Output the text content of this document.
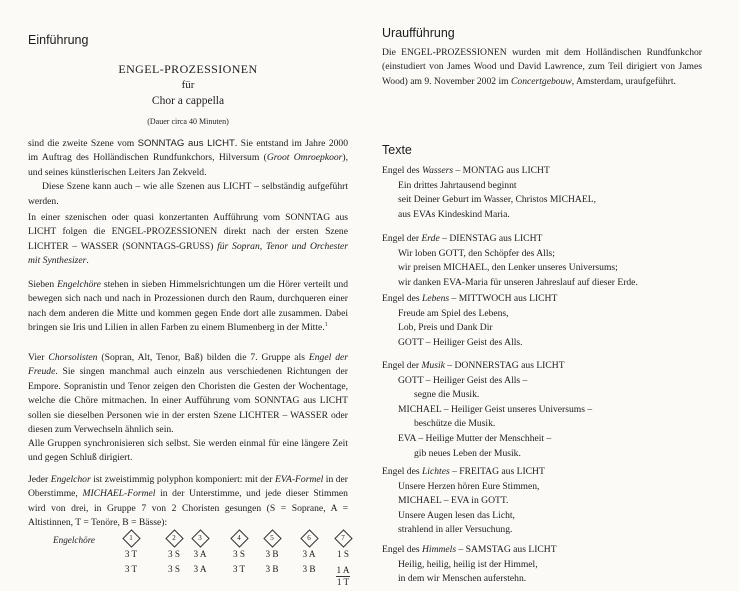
Einführung
ENGEL-PROZESSIONEN
für
Chor a cappella
(Dauer circa 40 Minuten)

sind die zweite Szene vom SONNTAG aus LICHT. Sie entstand im Jahre 2000 im Auftrag des Holländischen Rundfunkchors, Hilversum (Groot Omroepkoor), und seines künstlerischen Leiters Jan Zekveld.

Diese Szene kann auch – wie alle Szenen aus LICHT – selbständig aufgeführt werden.

In einer szenischen oder quasi konzertanten Aufführung vom SONNTAG aus LICHT folgen die ENGEL-PROZESSIONEN direkt nach der ersten Szene LICHTER – WASSER (SONNTAGS-GRUSS) für Sopran, Tenor und Orchester mit Synthesizer.

Sieben Engelchöre stehen in sieben Himmelsrichtungen um die Hörer verteilt und bewegen sich nach und nach in Prozessionen durch den Raum, durchqueren einer nach dem anderen die Mitte und kommen gegen Ende dort alle zusammen. Dabei bringen sie Iris und Lilien in allen Farben zu einem Blumenberg in der Mitte.$^1$

Vier Chorsolisten (Sopran, Alt, Tenor, Baß) bilden die 7. Gruppe als Engel der Freude. Sie singen manchmal auch einzeln aus verschiedenen Richtungen der Empore. Sopranistin und Tenor zeigen den Choristen die Gesten der Wochentage, welche die Chöre mitmachen. In einer Aufführung vom SONNTAG aus LICHT sollen sie dieselben Personen wie in der ersten Szene LICHTER – WASSER oder diesen zum Verwechseln ähnlich sein.

Alle Gruppen synchronisieren sich selbst. Sie werden einmal für eine längere Zeit und gegen Schluß dirigiert.

Jeder Engelchor ist zweistimmig polyphon komponiert: mit der EVA-Formel in der Oberstimme, MICHAEL-Formel in der Unterstimme, und jede dieser Stimmen wird von drei, in Gruppe 7 von 2 Choristen gesungen (S = Soprane, A = Altistinnen, T = Tenöre, B = Bässe):

Engelchöre	1
3 T
3 T
2
3 S
3 S
3
3 A
3 A
4
3 S
3 T
5
3 B
3 B
6
3 A
3 B
7
1 S
1 A
1 T
Uraufführung
Die ENGEL-PROZESSIONEN wurden mit dem Holländischen Rundfunkchor (einstudiert von James Wood und David Lawrence, zum Teil dirigiert von James Wood) am 9. November 2002 im Concertgebouw, Amsterdam, uraufgeführt.
Texte

Engel des Wassers – MONTAG aus LICHT

Ein drittes Jahrtausend beginnt

seit Deiner Geburt im Wasser, Christos MICHAEL,

aus EVAs Kindeskind Maria.

Engel der Erde – DIENSTAG aus LICHT

Wir loben GOTT, den Schöpfer des Alls;

wir preisen MICHAEL, den Lenker unseres Universums;

wir danken EVA-Maria für unseren Jahreslauf auf dieser Erde.

Engel des Lebens – MITTWOCH aus LICHT

Freude am Spiel des Lebens,

Lob, Preis und Dank Dir

GOTT – Heiliger Geist des Alls.

Engel der Musik – DONNERSTAG aus LICHT

GOTT – Heiliger Geist des Alls –

segne die Musik.

MICHAEL – Heiliger Geist unseres Universums –

beschütze die Musik.

EVA – Heilige Mutter der Menschheit –

gib neues Leben der Musik.

Engel des Lichtes – FREITAG aus LICHT

Unsere Herzen hören Eure Stimmen,

MICHAEL – EVA in GOTT.

Unsere Augen lesen das Licht,

strahlend in aller Versuchung.

Engel des Himmels – SAMSTAG aus LICHT

Heilig, heilig, heilig ist der Himmel,

in dem wir Menschen auferstehn.
